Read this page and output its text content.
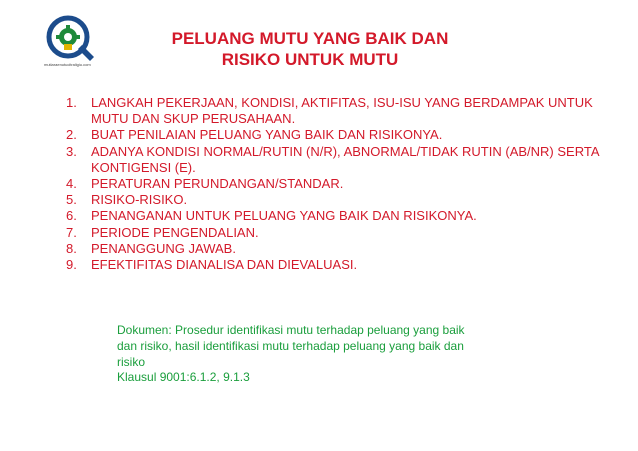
mutiaraenutucitraligiu.com
PELUANG MUTU YANG BAIK DAN
RISIKO UNTUK MUTU
1. LANGKAH PEKERJAAN, KONDISI, AKTIFITAS, ISU-ISU YANG BERDAMPAK UNTUK MUTU DAN SKUP PERUSAHAAN.
2. BUAT PENILAIAN PELUANG YANG BAIK DAN RISIKONYA.
3. ADANYA KONDISI NORMAL/RUTIN (N/R), ABNORMAL/TIDAK RUTIN (AB/NR) SERTA KONTIGENSI (E).
4. PERATURAN PERUNDANGAN/STANDAR.
5. RISIKO-RISIKO.
6. PENANGANAN UNTUK PELUANG YANG BAIK DAN RISIKONYA.
7. PERIODE PENGENDALIAN.
8. PENANGGUNG JAWAB.
9. EFEKTIFITAS DIANALISA DAN DIEVALUASI.
Dokumen: Prosedur identifikasi mutu terhadap peluang yang baik
dan risiko, hasil identifikasi mutu terhadap peluang yang baik dan
risiko
Klausul 9001:6.1.2, 9.1.3
